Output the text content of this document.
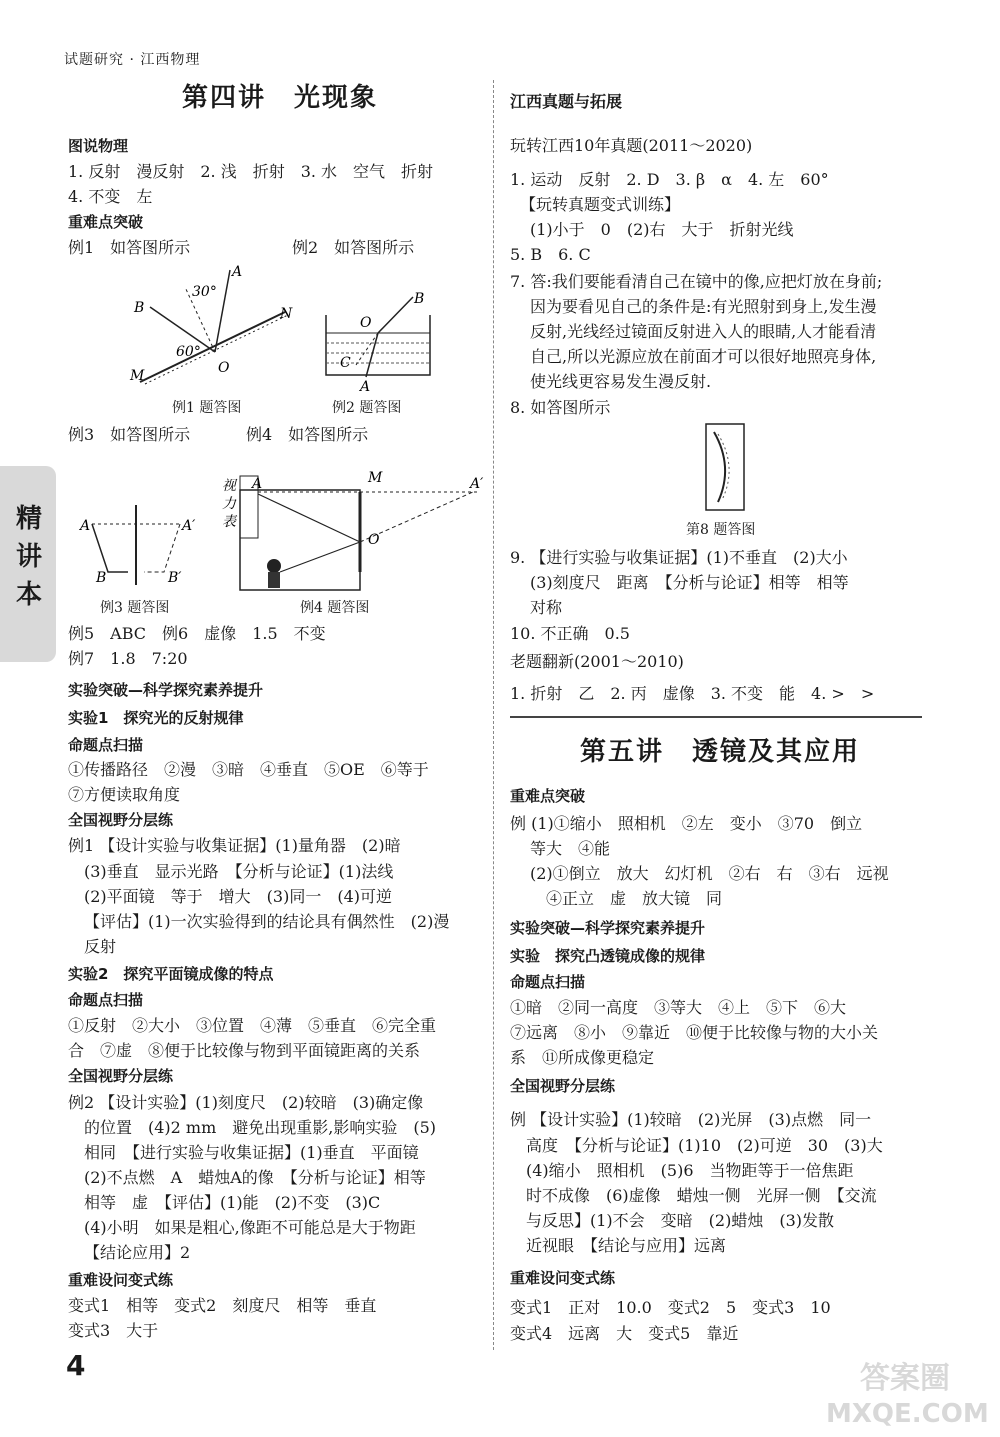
试题研究 · 江西物理
精
讲
本
第四讲　光现象
图说物理
1. 反射　漫反射　2. 浅　折射　3. 水　空气　折射
4. 不变　左
重难点突破
例1　如答图所示	例2　如答图所示
A
B	N
M	O
30°
60°
例1 题答图
O
B
C
A
例2 题答图
例3　如答图所示	例4　如答图所示
A	A′
B	B′
例3 题答图
视
力
表
A	M	A′
O
例4 题答图
例5　ABC　例6　虚像　1.5　不变
例7　1.8　7:20
实验突破—科学探究素养提升
实验1　探究光的反射规律
命题点扫描
①传播路径　②漫　③暗　④垂直　⑤OE　⑥等于
⑦方便读取角度
全国视野分层练
例1 【设计实验与收集证据】(1)量角器　(2)暗
(3)垂直　显示光路　【分析与论证】(1)法线
(2)平面镜　等于　增大　(3)同一　(4)可逆
【评估】(1)一次实验得到的结论具有偶然性　(2)漫
反射
实验2　探究平面镜成像的特点
命题点扫描
①反射　②大小　③位置　④薄　⑤垂直　⑥完全重
合　⑦虚　⑧便于比较像与物到平面镜距离的关系
全国视野分层练
例2 【设计实验】(1)刻度尺　(2)较暗　(3)确定像
的位置　(4)2 mm　避免出现重影,影响实验　(5)
相同　【进行实验与收集证据】(1)垂直　平面镜
(2)不点燃　A　蜡烛A的像　【分析与论证】相等
相等　虚　【评估】(1)能　(2)不变　(3)C
(4)小明　如果是粗心,像距不可能总是大于物距
【结论应用】2
重难设问变式练
变式1　相等　变式2　刻度尺　相等　垂直
变式3　大于
江西真题与拓展
玩转江西10年真题(2011～2020)
1. 运动　反射　2. D　3. β　α　4. 左　60°
【玩转真题变式训练】
(1)小于　0　(2)右　大于　折射光线
5. B　6. C
7. 答:我们要能看清自己在镜中的像,应把灯放在身前;
因为要看见自己的条件是:有光照射到身上,发生漫
反射,光线经过镜面反射进入人的眼睛,人才能看清
自己,所以光源应放在前面才可以很好地照亮身体,
使光线更容易发生漫反射.
8. 如答图所示
第8 题答图
9. 【进行实验与收集证据】(1)不垂直　(2)大小
(3)刻度尺　距离　【分析与论证】相等　相等
对称
10. 不正确　0.5
老题翻新(2001～2010)
1. 折射　乙　2. 丙　虚像　3. 不变　能　4. >　>
第五讲　透镜及其应用
重难点突破
例 (1)①缩小　照相机　②左　变小　③70　倒立
等大　④能
(2)①倒立　放大　幻灯机　②右　右　③右　远视
④正立　虚　放大镜　同
实验突破—科学探究素养提升
实验　探究凸透镜成像的规律
命题点扫描
①暗　②同一高度　③等大　④上　⑤下　⑥大
⑦远离　⑧小　⑨靠近　⑩便于比较像与物的大小关
系　⑪所成像更稳定
全国视野分层练
例 【设计实验】(1)较暗　(2)光屏　(3)点燃　同一
高度　【分析与论证】(1)10　(2)可逆　30　(3)大
(4)缩小　照相机　(5)6　当物距等于一倍焦距
时不成像　(6)虚像　蜡烛一侧　光屏一侧　【交流
与反思】(1)不会　变暗　(2)蜡烛　(3)发散
近视眼　【结论与应用】远离
重难设问变式练
变式1　正对　10.0　变式2　5　变式3　10
变式4　远离　大　变式5　靠近
4	答案圈
MXQE.COM
